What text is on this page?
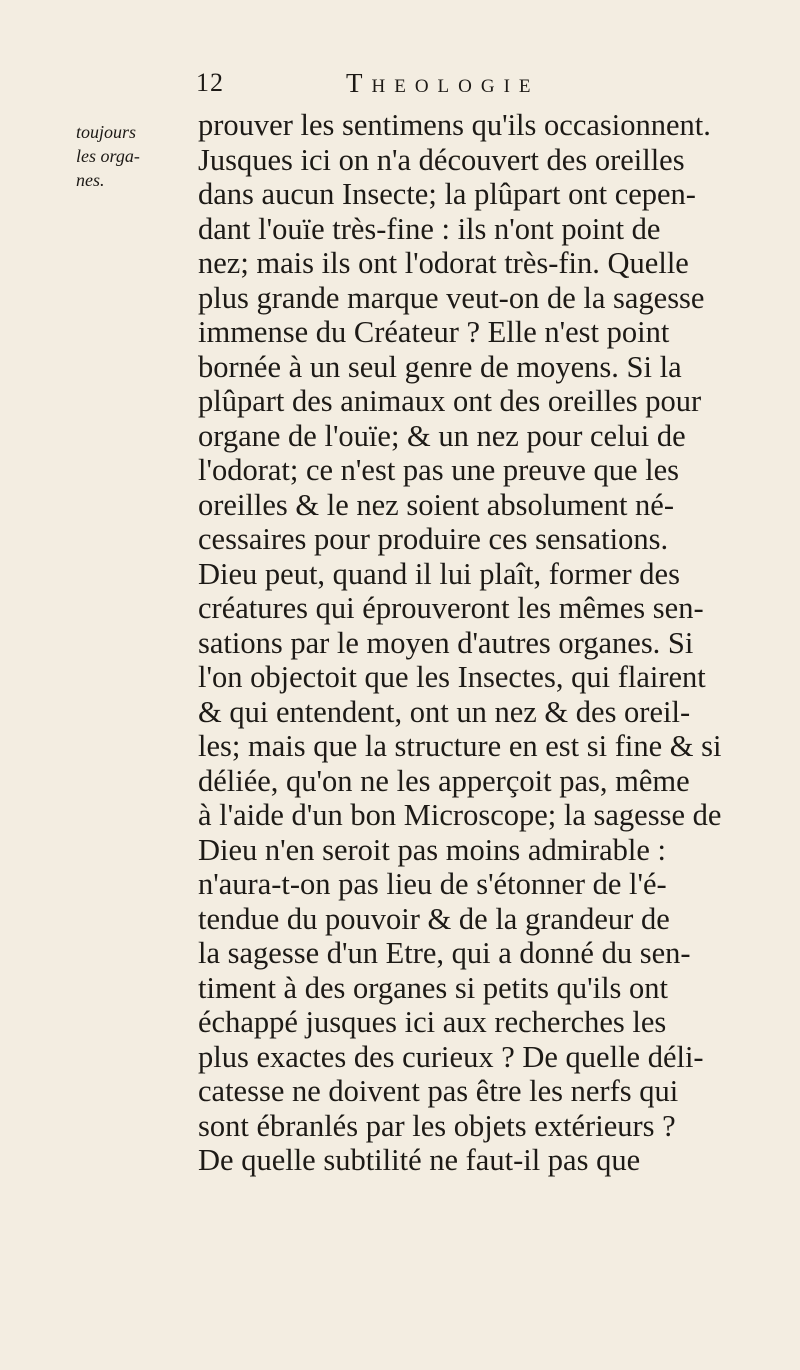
12	Theologie
toujours
les orga-
nes.
prouver les sentimens qu'ils occasionnent.
Jusques ici on n'a découvert des oreilles
dans aucun Insecte; la plûpart ont cepen-
dant l'ouïe très-fine : ils n'ont point de
nez; mais ils ont l'odorat très-fin. Quelle
plus grande marque veut-on de la sagesse
immense du Créateur ? Elle n'est point
bornée à un seul genre de moyens. Si la
plûpart des animaux ont des oreilles pour
organe de l'ouïe; & un nez pour celui de
l'odorat; ce n'est pas une preuve que les
oreilles & le nez soient absolument né-
cessaires pour produire ces sensations.
Dieu peut, quand il lui plaît, former des
créatures qui éprouveront les mêmes sen-
sations par le moyen d'autres organes. Si
l'on objectoit que les Insectes, qui flairent
& qui entendent, ont un nez & des oreil-
les; mais que la structure en est si fine & si
déliée, qu'on ne les apperçoit pas, même
à l'aide d'un bon Microscope; la sagesse de
Dieu n'en seroit pas moins admirable :
n'aura-t-on pas lieu de s'étonner de l'é-
tendue du pouvoir & de la grandeur de
la sagesse d'un Etre, qui a donné du sen-
timent à des organes si petits qu'ils ont
échappé jusques ici aux recherches les
plus exactes des curieux ? De quelle déli-
catesse ne doivent pas être les nerfs qui
sont ébranlés par les objets extérieurs ?
De quelle subtilité ne faut-il pas que
